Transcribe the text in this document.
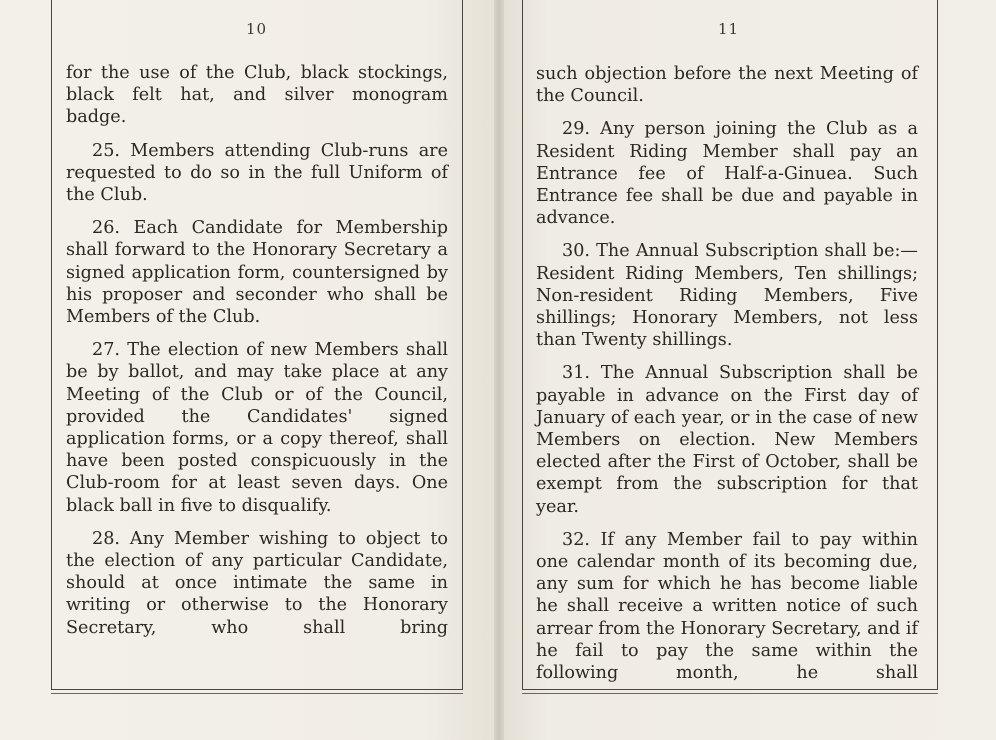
10

for the use of the Club, black stockings, black felt hat, and silver monogram badge.

25. Members attending Club-runs are requested to do so in the full Uniform of the Club.

26. Each Candidate for Membership shall forward to the Honorary Secretary a signed application form, countersigned by his proposer and seconder who shall be Members of the Club.

27. The election of new Members shall be by ballot, and may take place at any Meeting of the Club or of the Council, provided the Candidates' signed application forms, or a copy thereof, shall have been posted conspicuously in the Club-room for at least seven days. One black ball in five to disqualify.

28. Any Member wishing to object to the election of any particular Candidate, should at once intimate the same in writing or otherwise to the Honorary Secretary, who shall bring

11

such objection before the next Meeting of the Council.

29. Any person joining the Club as a Resident Riding Member shall pay an Entrance fee of Half-a-Ginuea. Such Entrance fee shall be due and payable in advance.

30. The Annual Subscription shall be:—Resident Riding Members, Ten shillings; Non-resident Riding Members, Five shillings; Honorary Members, not less than Twenty shillings.

31. The Annual Subscription shall be payable in advance on the First day of January of each year, or in the case of new Members on election. New Members elected after the First of October, shall be exempt from the subscription for that year.

32. If any Member fail to pay within one calendar month of its becoming due, any sum for which he has become liable he shall receive a written notice of such arrear from the Honorary Secretary, and if he fail to pay the same within the following month, he shall
